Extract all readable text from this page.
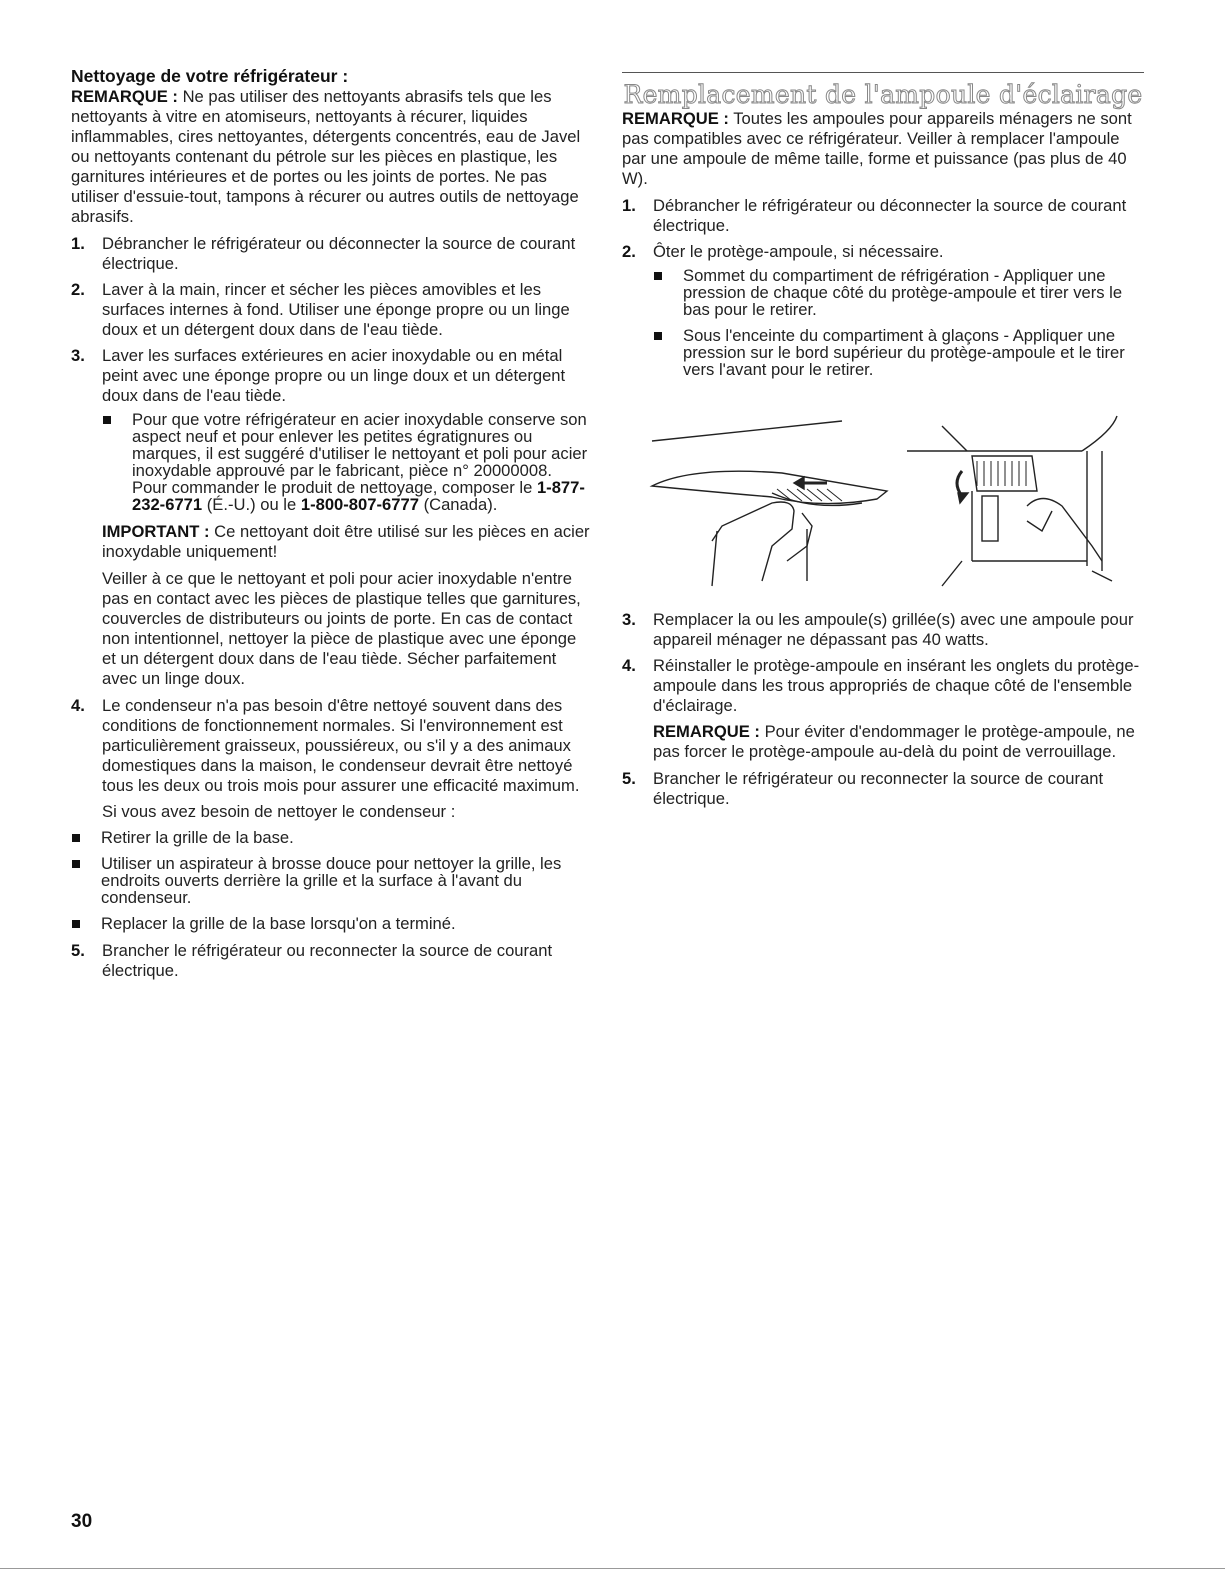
Nettoyage de votre réfrigérateur :

REMARQUE : Ne pas utiliser des nettoyants abrasifs tels que les nettoyants à vitre en atomiseurs, nettoyants à récurer, liquides inflammables, cires nettoyantes, détergents concentrés, eau de Javel ou nettoyants contenant du pétrole sur les pièces en plastique, les garnitures intérieures et de portes ou les joints de portes. Ne pas utiliser d'essuie-tout, tampons à récurer ou autres outils de nettoyage abrasifs.

1 . Débrancher le réfrigérateur ou déconnecter la source de courant électrique.
2 . Laver à la main, rincer et sécher les pièces amovibles et les surfaces internes à fond. Utiliser une éponge propre ou un linge doux et un détergent doux dans de l'eau tiède.
3 . Laver les surfaces extérieures en acier inoxydable ou en métal peint avec une éponge propre ou un linge doux et un détergent doux dans de l'eau tiède.
Pour que votre réfrigérateur en acier inoxydable conserve son aspect neuf et pour enlever les petites égratignures ou marques, il est suggéré d'utiliser le nettoyant et poli pour acier inoxydable approuvé par le fabricant, pièce n° 20000008. Pour commander le produit de nettoyage, composer le 1-877-232-6771 (É.-U.) ou le 1-800-807-6777 (Canada).

IMPORTANT : Ce nettoyant doit être utilisé sur les pièces en acier inoxydable uniquement!

Veiller à ce que le nettoyant et poli pour acier inoxydable n'entre pas en contact avec les pièces de plastique telles que garnitures, couvercles de distributeurs ou joints de porte. En cas de contact non intentionnel, nettoyer la pièce de plastique avec une éponge et un détergent doux dans de l'eau tiède. Sécher parfaitement avec un linge doux.

4 . Le condenseur n'a pas besoin d'être nettoyé souvent dans des conditions de fonctionnement normales. Si l'environnement est particulièrement graisseux, poussiéreux, ou s'il y a des animaux domestiques dans la maison, le condenseur devrait être nettoyé tous les deux ou trois mois pour assurer une efficacité maximum.

Si vous avez besoin de nettoyer le condenseur :

Retirer la grille de la base.
Utiliser un aspirateur à brosse douce pour nettoyer la grille, les endroits ouverts derrière la grille et la surface à l'avant du condenseur.
Replacer la grille de la base lorsqu'on a terminé.
5 . Brancher le réfrigérateur ou reconnecter la source de courant électrique.
Remplacement de l'ampoule d'éclairage

REMARQUE : Toutes les ampoules pour appareils ménagers ne sont pas compatibles avec ce réfrigérateur. Veiller à remplacer l'ampoule par une ampoule de même taille, forme et puissance (pas plus de 40 W).

1 . Débrancher le réfrigérateur ou déconnecter la source de courant électrique.
2 . Ôter le protège-ampoule, si nécessaire.
Sommet du compartiment de réfrigération - Appliquer une pression de chaque côté du protège-ampoule et tirer vers le bas pour le retirer.
Sous l'enceinte du compartiment à glaçons - Appliquer une pression sur le bord supérieur du protège-ampoule et le tirer vers l'avant pour le retirer.
3 . Remplacer la ou les ampoule(s) grillée(s) avec une ampoule pour appareil ménager ne dépassant pas 40 watts.
4 . Réinstaller le protège-ampoule en insérant les onglets du protège-ampoule dans les trous appropriés de chaque côté de l'ensemble d'éclairage.

REMARQUE : Pour éviter d'endommager le protège-ampoule, ne pas forcer le protège-ampoule au-delà du point de verrouillage.

5 . Brancher le réfrigérateur ou reconnecter la source de courant électrique.
30
